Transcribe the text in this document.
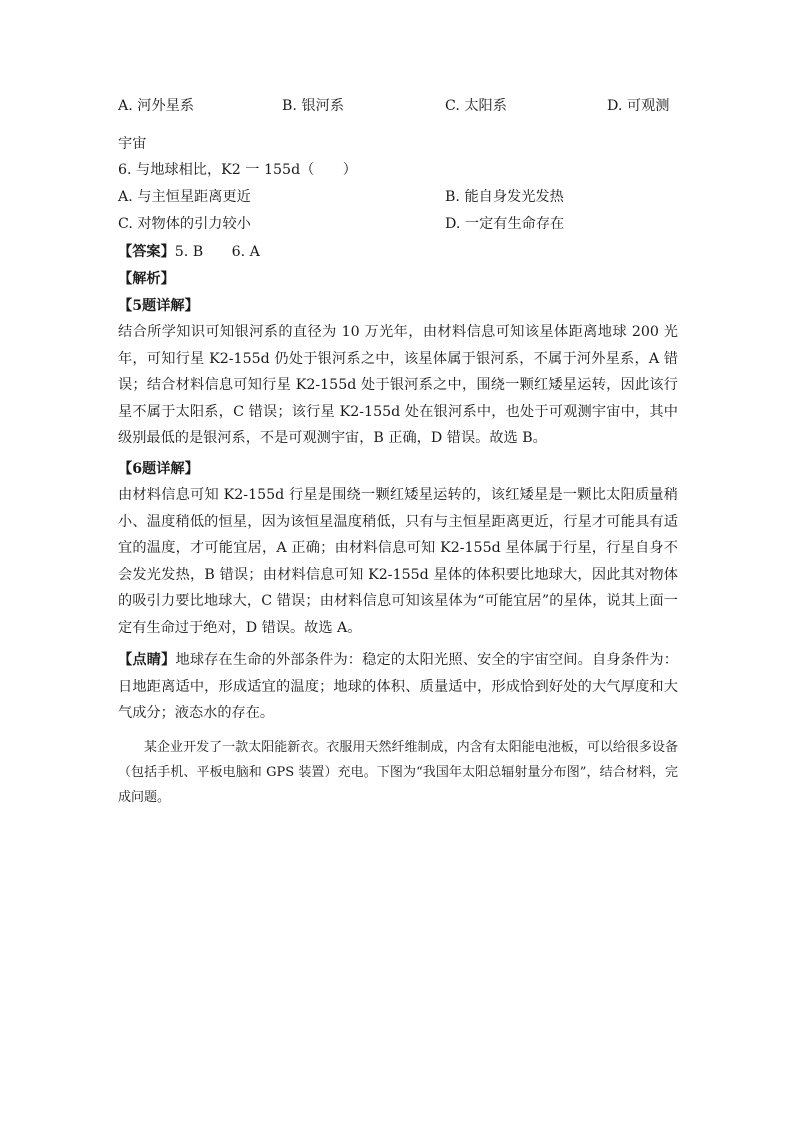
A. 河外星系	B. 银河系	C. 太阳系	D. 可观测
宇宙
6. 与地球相比，K2 一 155d（　　）
A. 与主恒星距离更近	B. 能自身发光发热
C. 对物体的引力较小	D. 一定有生命存在
【答案】5. B　　6. A
【解析】
【5题详解】
结合所学知识可知银河系的直径为 10 万光年，由材料信息可知该星体距离地球 200 光年，可知行星 K2-155d 仍处于银河系之中，该星体属于银河系，不属于河外星系，A 错误；结合材料信息可知行星 K2-155d 处于银河系之中，围绕一颗红矮星运转，因此该行星不属于太阳系，C 错误；该行星 K2-155d 处在银河系中，也处于可观测宇宙中，其中级别最低的是银河系，不是可观测宇宙，B 正确，D 错误。故选 B。
【6题详解】
由材料信息可知 K2-155d 行星是围绕一颗红矮星运转的，该红矮星是一颗比太阳质量稍小、温度稍低的恒星，因为该恒星温度稍低，只有与主恒星距离更近，行星才可能具有适宜的温度，才可能宜居，A 正确；由材料信息可知 K2-155d 星体属于行星，行星自身不会发光发热，B 错误；由材料信息可知 K2-155d 星体的体积要比地球大，因此其对物体的吸引力要比地球大，C 错误；由材料信息可知该星体为“可能宜居”的星体，说其上面一定有生命过于绝对，D 错误。故选 A。
【点睛】地球存在生命的外部条件为：稳定的太阳光照、安全的宇宙空间。自身条件为：日地距离适中，形成适宜的温度；地球的体积、质量适中，形成恰到好处的大气厚度和大气成分；液态水的存在。
某企业开发了一款太阳能新衣。衣服用天然纤维制成，内含有太阳能电池板，可以给很多设备（包括手机、平板电脑和 GPS 装置）充电。下图为“我国年太阳总辐射量分布图”，结合材料，完成问题。
